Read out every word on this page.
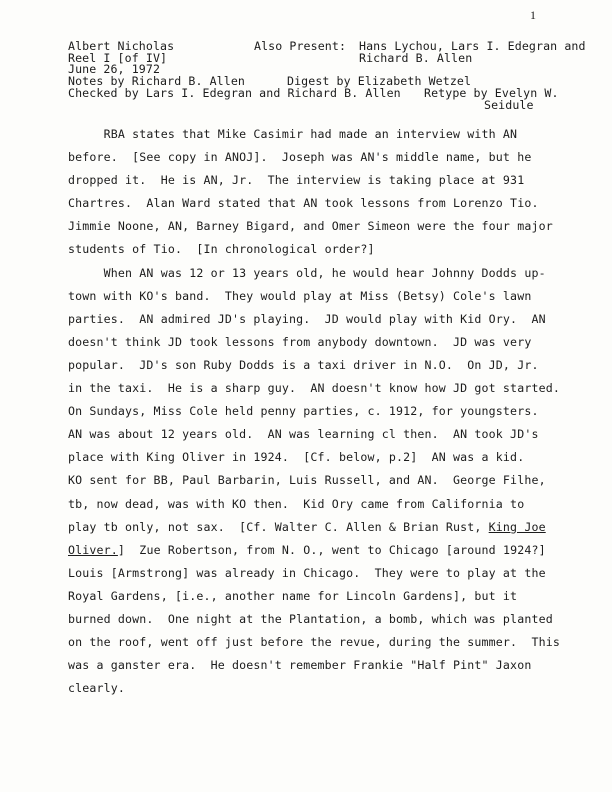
1
Albert Nicholas
Reel I [of IV]
June 26, 1972
Notes by Richard B. Allen
Checked by Lars I. Edegran and Richard B. Allen
Also Present: Hans Lychou, Lars I. Edegran and
Richard B. Allen
Digest by Elizabeth Wetzel
Retype by Evelyn W.
Seidule
RBA states that Mike Casimir had made an interview with AN
before.  [See copy in ANOJ].  Joseph was AN's middle name, but he
dropped it.  He is AN, Jr.  The interview is taking place at 931
Chartres.  Alan Ward stated that AN took lessons from Lorenzo Tio.
Jimmie Noone, AN, Barney Bigard, and Omer Simeon were the four major
students of Tio.  [In chronological order?]
When AN was 12 or 13 years old, he would hear Johnny Dodds up-
town with KO's band.  They would play at Miss (Betsy) Cole's lawn
parties.  AN admired JD's playing.  JD would play with Kid Ory.  AN
doesn't think JD took lessons from anybody downtown.  JD was very
popular.  JD's son Ruby Dodds is a taxi driver in N.O.  On JD, Jr.
in the taxi.  He is a sharp guy.  AN doesn't know how JD got started.
On Sundays, Miss Cole held penny parties, c. 1912, for youngsters.
AN was about 12 years old.  AN was learning cl then.  AN took JD's
place with King Oliver in 1924.  [Cf. below, p.2]  AN was a kid.
KO sent for BB, Paul Barbarin, Luis Russell, and AN.  George Filhe,
tb, now dead, was with KO then.  Kid Ory came from California to
play tb only, not sax.  [Cf. Walter C. Allen & Brian Rust, King Joe
Oliver.]  Zue Robertson, from N. O., went to Chicago [around 1924?]
Louis [Armstrong] was already in Chicago.  They were to play at the
Royal Gardens, [i.e., another name for Lincoln Gardens], but it
burned down.  One night at the Plantation, a bomb, which was planted
on the roof, went off just before the revue, during the summer.  This
was a ganster era.  He doesn't remember Frankie "Half Pint" Jaxon
clearly.
